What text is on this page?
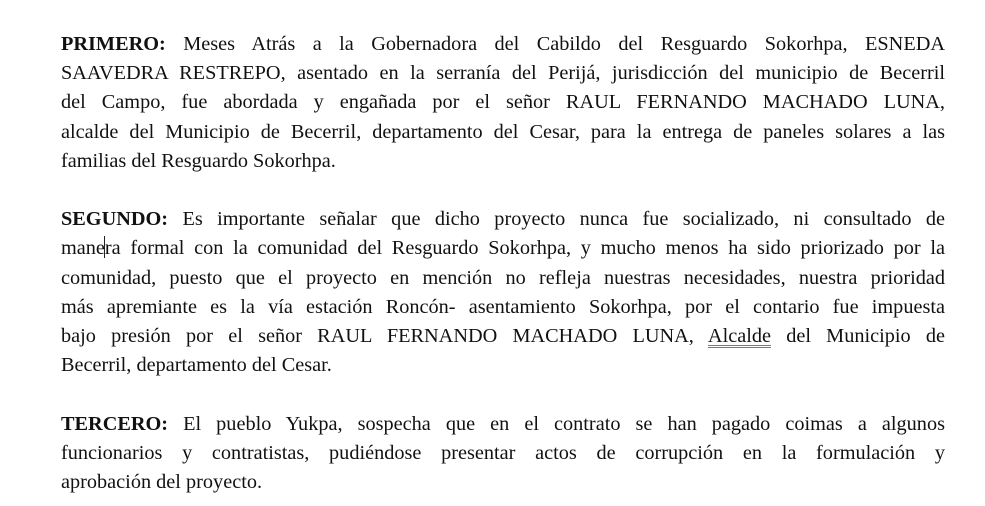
PRIMERO: Meses Atrás a la Gobernadora del Cabildo del Resguardo Sokorhpa, ESNEDA
SAAVEDRA RESTREPO, asentado en la serranía del Perijá, jurisdicción del municipio de Becerril
del Campo, fue abordada y engañada por el señor RAUL FERNANDO MACHADO LUNA,
alcalde del Municipio de Becerril, departamento del Cesar, para la entrega de paneles solares a las
familias del Resguardo Sokorhpa.

SEGUNDO: Es importante señalar que dicho proyecto nunca fue socializado, ni consultado de
manera formal con la comunidad del Resguardo Sokorhpa, y mucho menos ha sido priorizado por la
comunidad, puesto que el proyecto en mención no refleja nuestras necesidades, nuestra prioridad
más apremiante es la vía estación Roncón- asentamiento Sokorhpa, por el contario fue impuesta
bajo presión por el señor RAUL FERNANDO MACHADO LUNA, Alcalde del Municipio de
Becerril, departamento del Cesar.

TERCERO: El pueblo Yukpa, sospecha que en el contrato se han pagado coimas a algunos
funcionarios y contratistas, pudiéndose presentar actos de corrupción en la formulación y
aprobación del proyecto.
